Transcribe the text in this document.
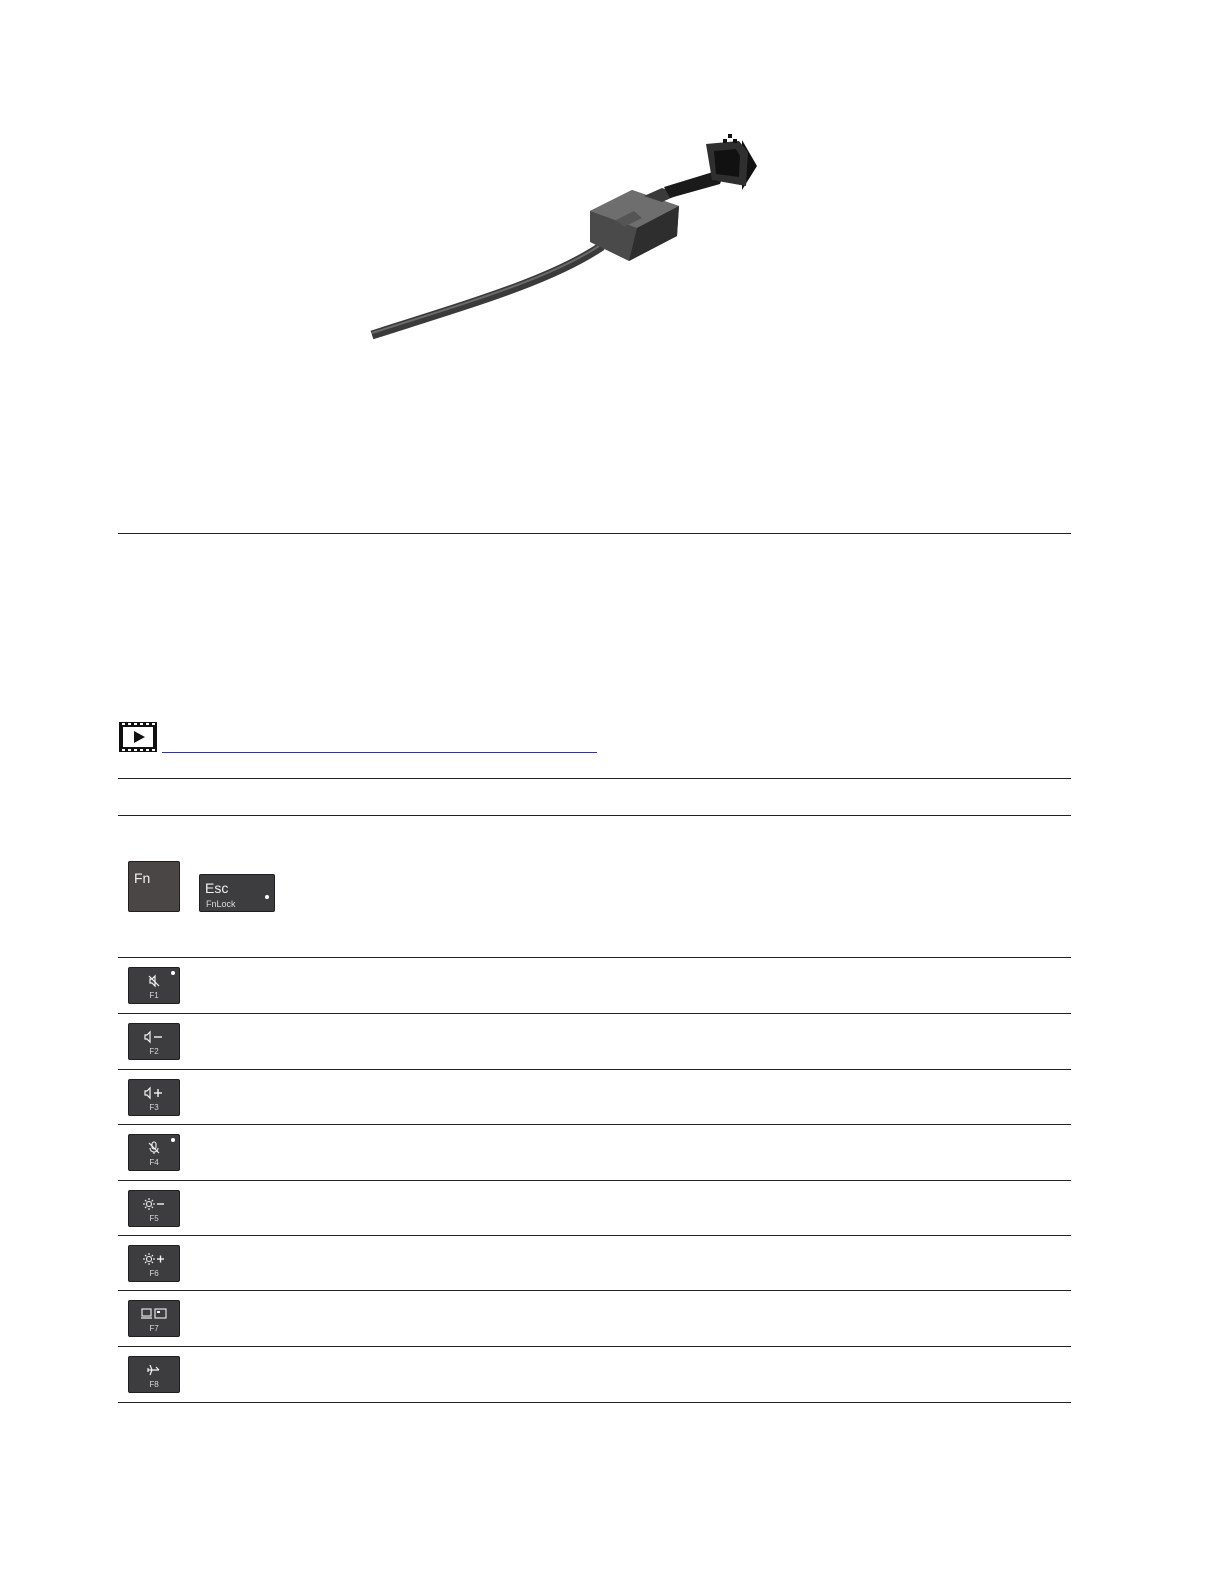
Fn
Esc
FnLock
F1
F2
F3
F4
F5
F6
F7
F8
